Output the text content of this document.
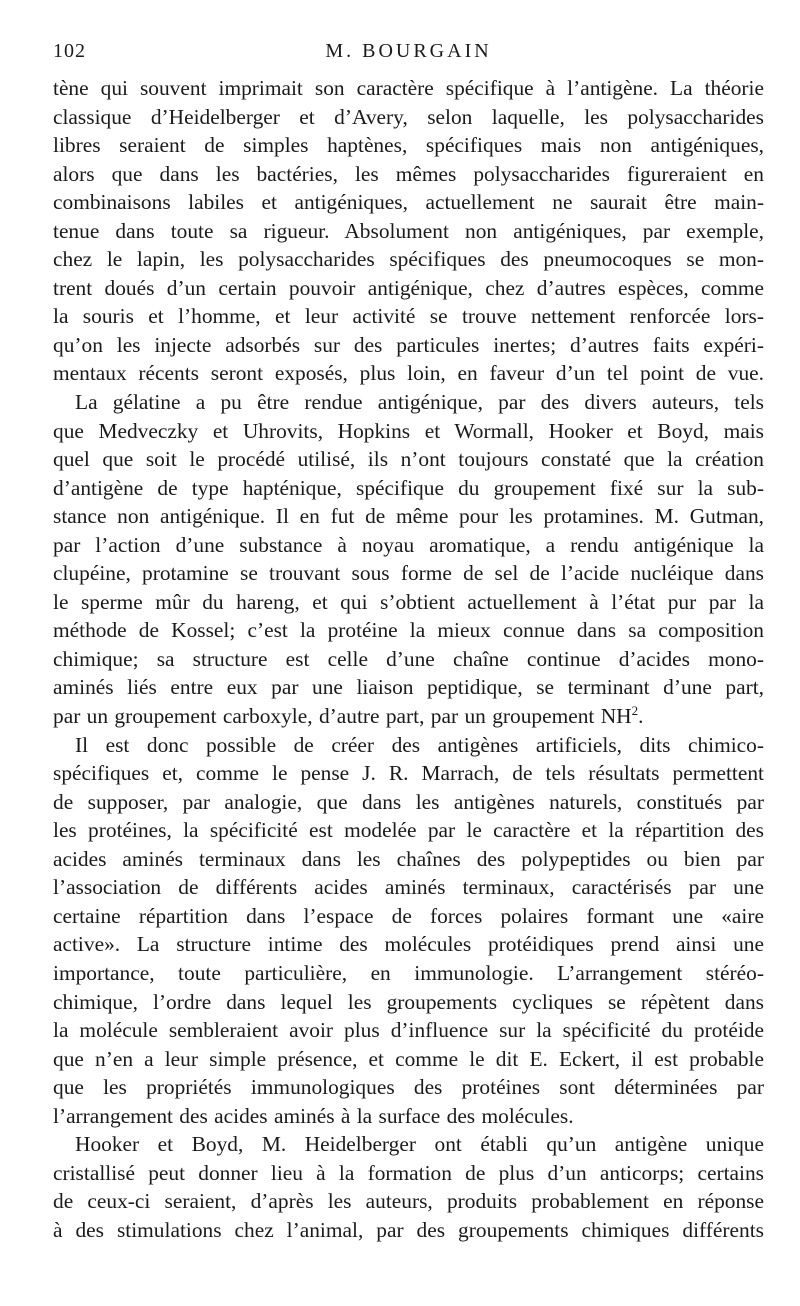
102	M. BOURGAIN
tène qui souvent imprimait son caractère spécifique à l’antigène. La théorie
classique d’Heidelberger et d’Avery, selon laquelle, les polysaccharides
libres seraient de simples haptènes, spécifiques mais non antigéniques,
alors que dans les bactéries, les mêmes polysaccharides figureraient en
combinaisons labiles et antigéniques, actuellement ne saurait être main-
tenue dans toute sa rigueur. Absolument non antigéniques, par exemple,
chez le lapin, les polysaccharides spécifiques des pneumocoques se mon-
trent doués d’un certain pouvoir antigénique, chez d’autres espèces, comme
la souris et l’homme, et leur activité se trouve nettement renforcée lors-
qu’on les injecte adsorbés sur des particules inertes; d’autres faits expéri-
mentaux récents seront exposés, plus loin, en faveur d’un tel point de vue.
La gélatine a pu être rendue antigénique, par des divers auteurs, tels
que Medveczky et Uhrovits, Hopkins et Wormall, Hooker et Boyd, mais
quel que soit le procédé utilisé, ils n’ont toujours constaté que la création
d’antigène de type hapténique, spécifique du groupement fixé sur la sub-
stance non antigénique. Il en fut de même pour les protamines. M. Gutman,
par l’action d’une substance à noyau aromatique, a rendu antigénique la
clupéine, protamine se trouvant sous forme de sel de l’acide nucléique dans
le sperme mûr du hareng, et qui s’obtient actuellement à l’état pur par la
méthode de Kossel; c’est la protéine la mieux connue dans sa composition
chimique; sa structure est celle d’une chaîne continue d’acides mono-
aminés liés entre eux par une liaison peptidique, se terminant d’une part,
par un groupement carboxyle, d’autre part, par un groupement $NH^2$.
Il est donc possible de créer des antigènes artificiels, dits chimico-
spécifiques et, comme le pense J. R. Marrach, de tels résultats permettent
de supposer, par analogie, que dans les antigènes naturels, constitués par
les protéines, la spécificité est modelée par le caractère et la répartition des
acides aminés terminaux dans les chaînes des polypeptides ou bien par
l’association de différents acides aminés terminaux, caractérisés par une
certaine répartition dans l’espace de forces polaires formant une «aire
active». La structure intime des molécules protéidiques prend ainsi une
importance, toute particulière, en immunologie. L’arrangement stéréo-
chimique, l’ordre dans lequel les groupements cycliques se répètent dans
la molécule sembleraient avoir plus d’influence sur la spécificité du protéide
que n’en a leur simple présence, et comme le dit E. Eckert, il est probable
que les propriétés immunologiques des protéines sont déterminées par
l’arrangement des acides aminés à la surface des molécules.
Hooker et Boyd, M. Heidelberger ont établi qu’un antigène unique
cristallisé peut donner lieu à la formation de plus d’un anticorps; certains
de ceux-ci seraient, d’après les auteurs, produits probablement en réponse
à des stimulations chez l’animal, par des groupements chimiques différents
